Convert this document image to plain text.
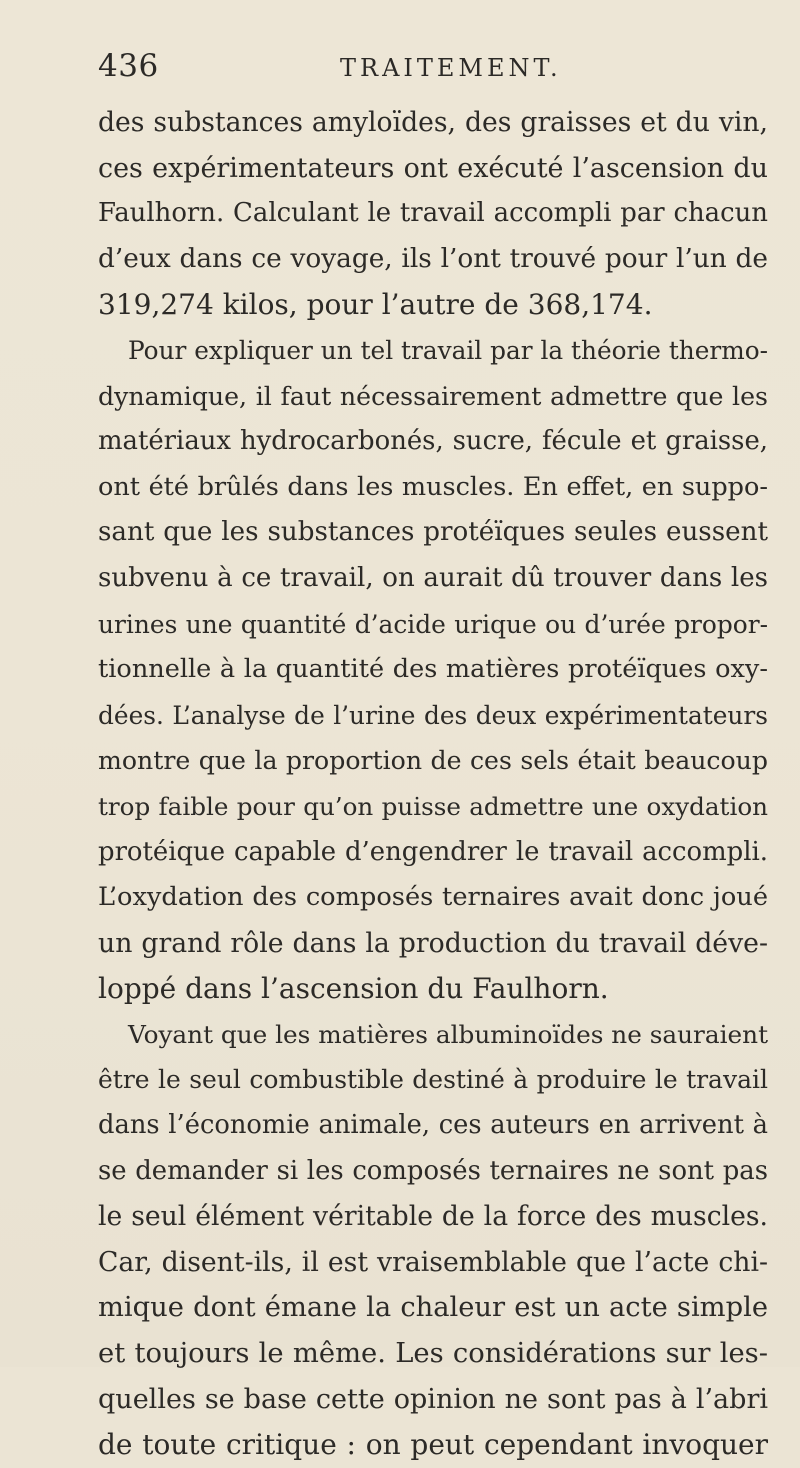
436	TRAITEMENT.
des substances amyloïdes, des graisses et du vin,
ces expérimentateurs ont exécuté l’ascension du
Faulhorn. Calculant le travail accompli par chacun
d’eux dans ce voyage, ils l’ont trouvé pour l’un de
319,274 kilos, pour l’autre de 368,174.
Pour expliquer un tel travail par la théorie thermo-
dynamique, il faut nécessairement admettre que les
matériaux hydrocarbonés, sucre, fécule et graisse,
ont été brûlés dans les muscles. En effet, en suppo-
sant que les substances protéïques seules eussent
subvenu à ce travail, on aurait dû trouver dans les
urines une quantité d’acide urique ou d’urée propor-
tionnelle à la quantité des matières protéïques oxy-
dées. L’analyse de l’urine des deux expérimentateurs
montre que la proportion de ces sels était beaucoup
trop faible pour qu’on puisse admettre une oxydation
protéique capable d’engendrer le travail accompli.
L’oxydation des composés ternaires avait donc joué
un grand rôle dans la production du travail déve-
loppé dans l’ascension du Faulhorn.
Voyant que les matières albuminoïdes ne sauraient
être le seul combustible destiné à produire le travail
dans l’économie animale, ces auteurs en arrivent à
se demander si les composés ternaires ne sont pas
le seul élément véritable de la force des muscles.
Car, disent-ils, il est vraisemblable que l’acte chi-
mique dont émane la chaleur est un acte simple
et toujours le même. Les considérations sur les-
quelles se base cette opinion ne sont pas à l’abri
de toute critique : on peut cependant invoquer
